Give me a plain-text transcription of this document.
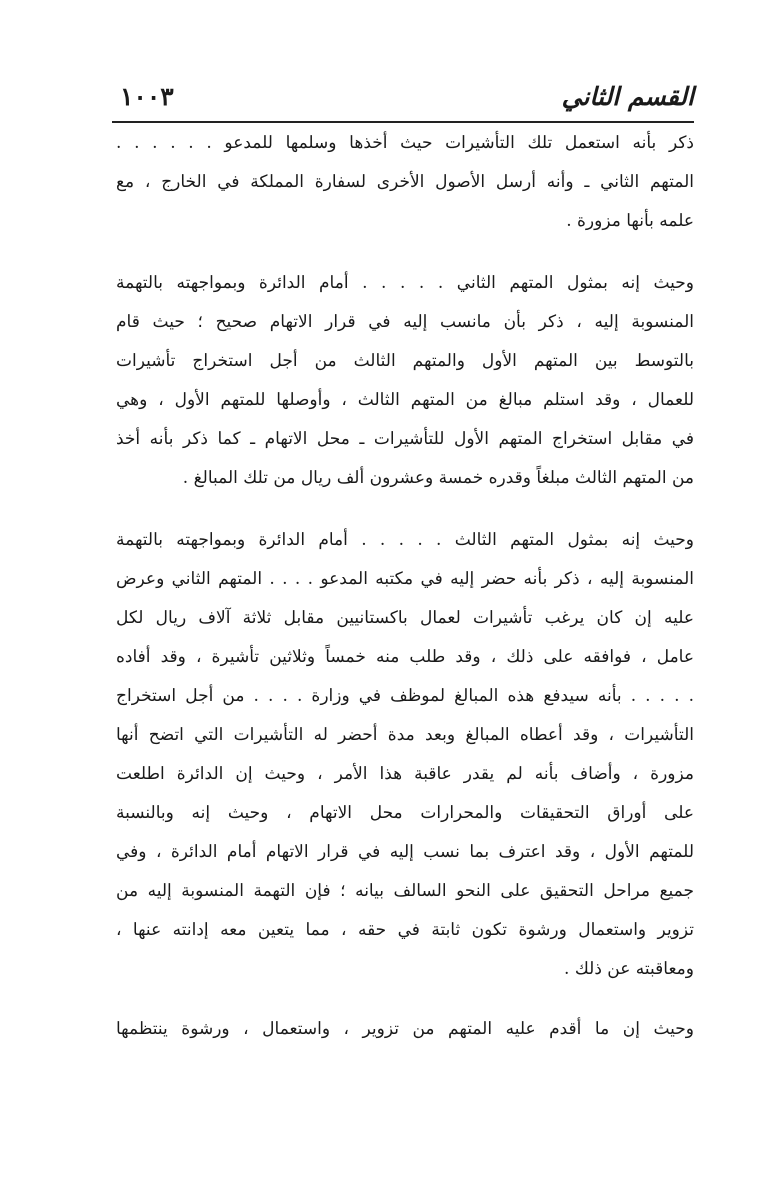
القسم الثاني
١٠٠٣
ذكر بأنه استعمل تلك التأشيرات حيث أخذها وسلمها للمدعو . . . . . .
المتهم الثاني ـ وأنه أرسل الأصول الأخرى لسفارة المملكة في الخارج ، مع
علمه بأنها مزورة .
وحيث إنه بمثول المتهم الثاني . . . . . أمام الدائرة وبمواجهته بالتهمة
المنسوبة إليه ، ذكر بأن مانسب إليه في قرار الاتهام صحيح ؛ حيث قام
بالتوسط بين المتهم الأول والمتهم الثالث من أجل استخراج تأشيرات
للعمال ، وقد استلم مبالغ من المتهم الثالث ، وأوصلها للمتهم الأول ، وهي
في مقابل استخراج المتهم الأول للتأشيرات ـ محل الاتهام ـ كما ذكر بأنه أخذ
من المتهم الثالث مبلغاً وقدره خمسة وعشرون ألف ريال من تلك المبالغ .
وحيث إنه بمثول المتهم الثالث . . . . . أمام الدائرة وبمواجهته بالتهمة
المنسوبة إليه ، ذكر بأنه حضر إليه في مكتبه المدعو . . . . المتهم الثاني وعرض
عليه إن كان يرغب تأشيرات لعمال باكستانيين مقابل ثلاثة آلاف ريال لكل
عامل ، فوافقه على ذلك ، وقد طلب منه خمساً وثلاثين تأشيرة ، وقد أفاده
. . . . . بأنه سيدفع هذه المبالغ لموظف في وزارة . . . . من أجل استخراج
التأشيرات ، وقد أعطاه المبالغ وبعد مدة أحضر له التأشيرات التي اتضح أنها
مزورة ، وأضاف بأنه لم يقدر عاقبة هذا الأمر ، وحيث إن الدائرة اطلعت
على أوراق التحقيقات والمحرارات محل الاتهام ، وحيث إنه وبالنسبة
للمتهم الأول ، وقد اعترف بما نسب إليه في قرار الاتهام أمام الدائرة ، وفي
جميع مراحل التحقيق على النحو السالف بيانه ؛ فإن التهمة المنسوبة إليه من
تزوير واستعمال ورشوة تكون ثابتة في حقه ، مما يتعين معه إدانته عنها ،
ومعاقبته عن ذلك .
وحيث إن ما أقدم عليه المتهم من تزوير ، واستعمال ، ورشوة ينتظمها
